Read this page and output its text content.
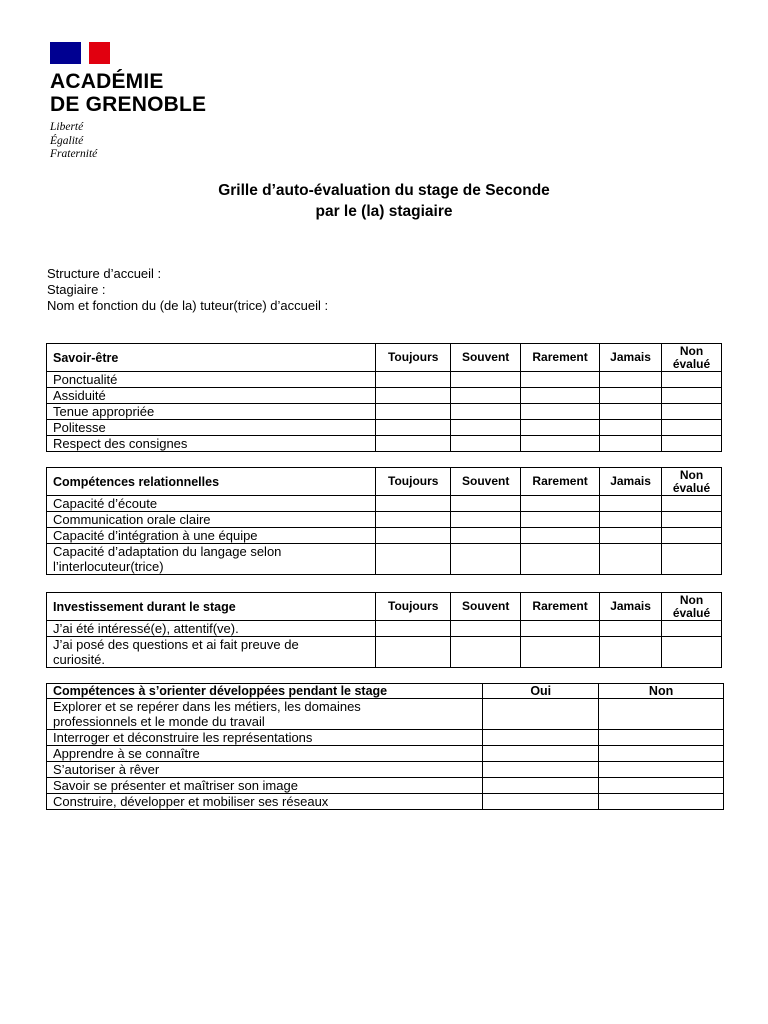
ACADÉMIE
DE GRENOBLE
Liberté
Égalité
Fraternité
Grille d’auto-évaluation du stage de Seconde
par le (la) stagiaire
Structure d’accueil :
Stagiaire :
Nom et fonction du (de la) tuteur(trice) d’accueil :
Savoir-être	Toujours	Souvent	Rarement	Jamais	Non
évalué
Ponctualité					
Assiduité					
Tenue appropriée					
Politesse					
Respect des consignes					
Compétences relationnelles	Toujours	Souvent	Rarement	Jamais	Non
évalué
Capacité d’écoute					
Communication orale claire					
Capacité d’intégration à une équipe					
Capacité d’adaptation du langage selon
l’interlocuteur(trice)					
Investissement durant le stage	Toujours	Souvent	Rarement	Jamais	Non
évalué
J’ai été intéressé(e), attentif(ve).					
J’ai posé des questions et ai fait preuve de
curiosité.					
Compétences à s’orienter développées pendant le stage	Oui	Non
Explorer et se repérer dans les métiers, les domaines
professionnels et le monde du travail		
Interroger et déconstruire les représentations		
Apprendre à se connaître		
S’autoriser à rêver		
Savoir se présenter et maîtriser son image		
Construire, développer et mobiliser ses réseaux		
